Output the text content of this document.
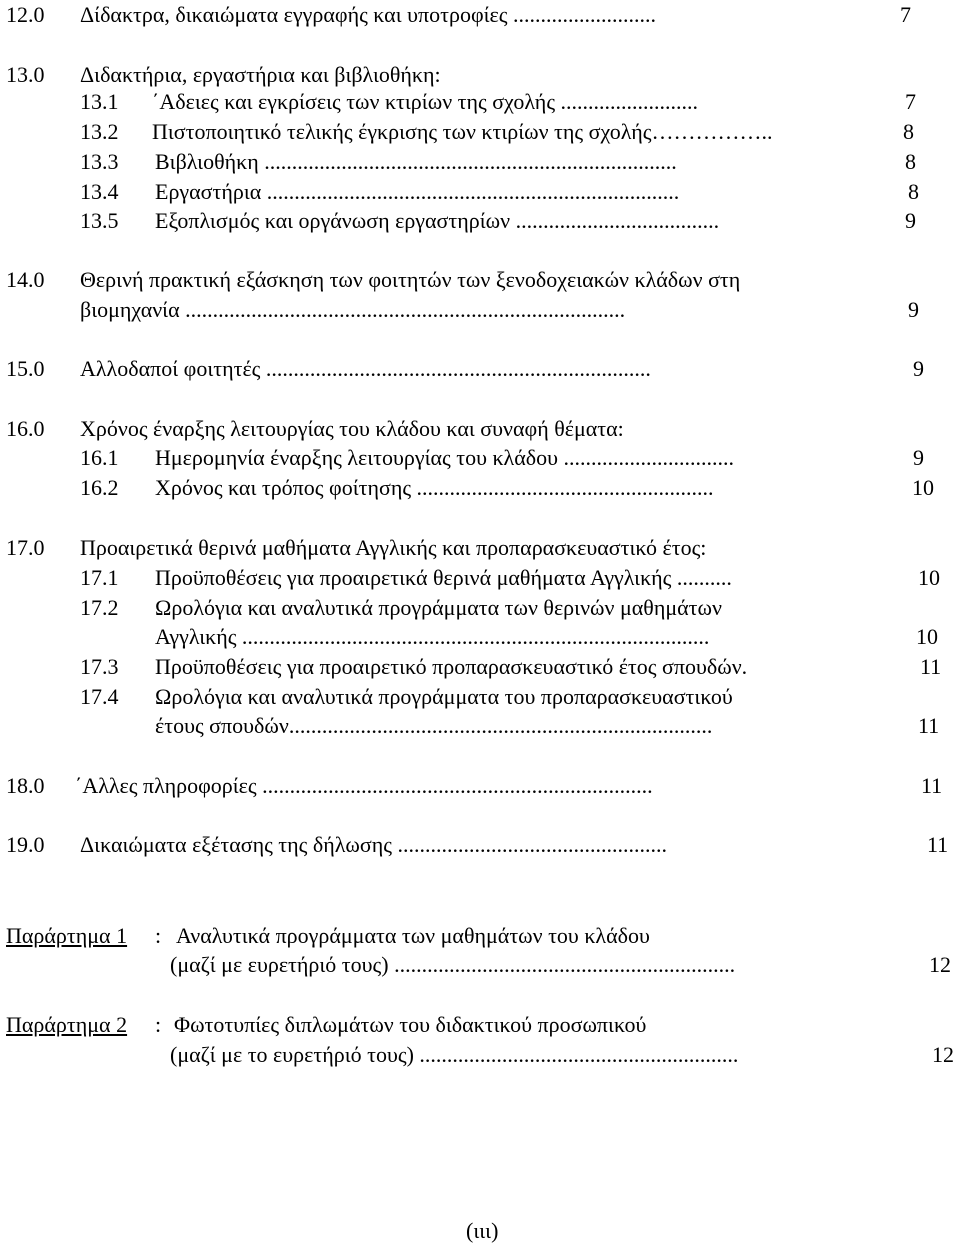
12.0 Δίδακτρα, δικαιώματα εγγραφής και υποτροφίες ..........................	7
13.0 Διδακτήρια, εργαστήρια και βιβλιοθήκη:
13.1 ΄Αδειες και εγκρίσεις των κτιρίων της σχολής .........................	7
13.2 Πιστοποιητικό τελικής έγκρισης των κτιρίων της σχολής……………..	8
13.3 Βιβλιοθήκη ...........................................................................	8
13.4 Εργαστήρια ...........................................................................	8
13.5 Εξοπλισμός και οργάνωση εργαστηρίων .....................................	9
14.0 Θερινή πρακτική εξάσκηση των φοιτητών των ξενοδοχειακών κλάδων στη
βιομηχανία ................................................................................	9
15.0 Αλλοδαποί φοιτητές ......................................................................	9
16.0 Χρόνος έναρξης λειτουργίας του κλάδου και συναφή θέματα:
16.1 Ημερομηνία έναρξης λειτουργίας του κλάδου ...............................	9
16.2 Χρόνος και τρόπος φοίτησης ......................................................	10
17.0 Προαιρετικά θερινά μαθήματα Αγγλικής και προπαρασκευαστικό έτος:
17.1 Προϋποθέσεις για προαιρετικά θερινά μαθήματα Αγγλικής ..........	10
17.2 Ωρολόγια και αναλυτικά προγράμματα των θερινών μαθημάτων
Αγγλικής .....................................................................................	10
17.3 Προϋποθέσεις για προαιρετικό προπαρασκευαστικό έτος σπουδών.	11
17.4 Ωρολόγια και αναλυτικά προγράμματα του προπαρασκευαστικού
έτους σπουδών.............................................................................	11
18.0 ΄Αλλες πληροφορίες .......................................................................	11
19.0 Δικαιώματα εξέτασης της δήλωσης .................................................	11
Παράρτημα 1 : Αναλυτικά προγράμματα των μαθημάτων του κλάδου
(μαζί με ευρετήριό τους) ..............................................................	12
Παράρτημα 2 : Φωτοτυπίες διπλωμάτων του διδακτικού προσωπικού
(μαζί με το ευρετήριό τους) ..........................................................	12
(ιιι)
